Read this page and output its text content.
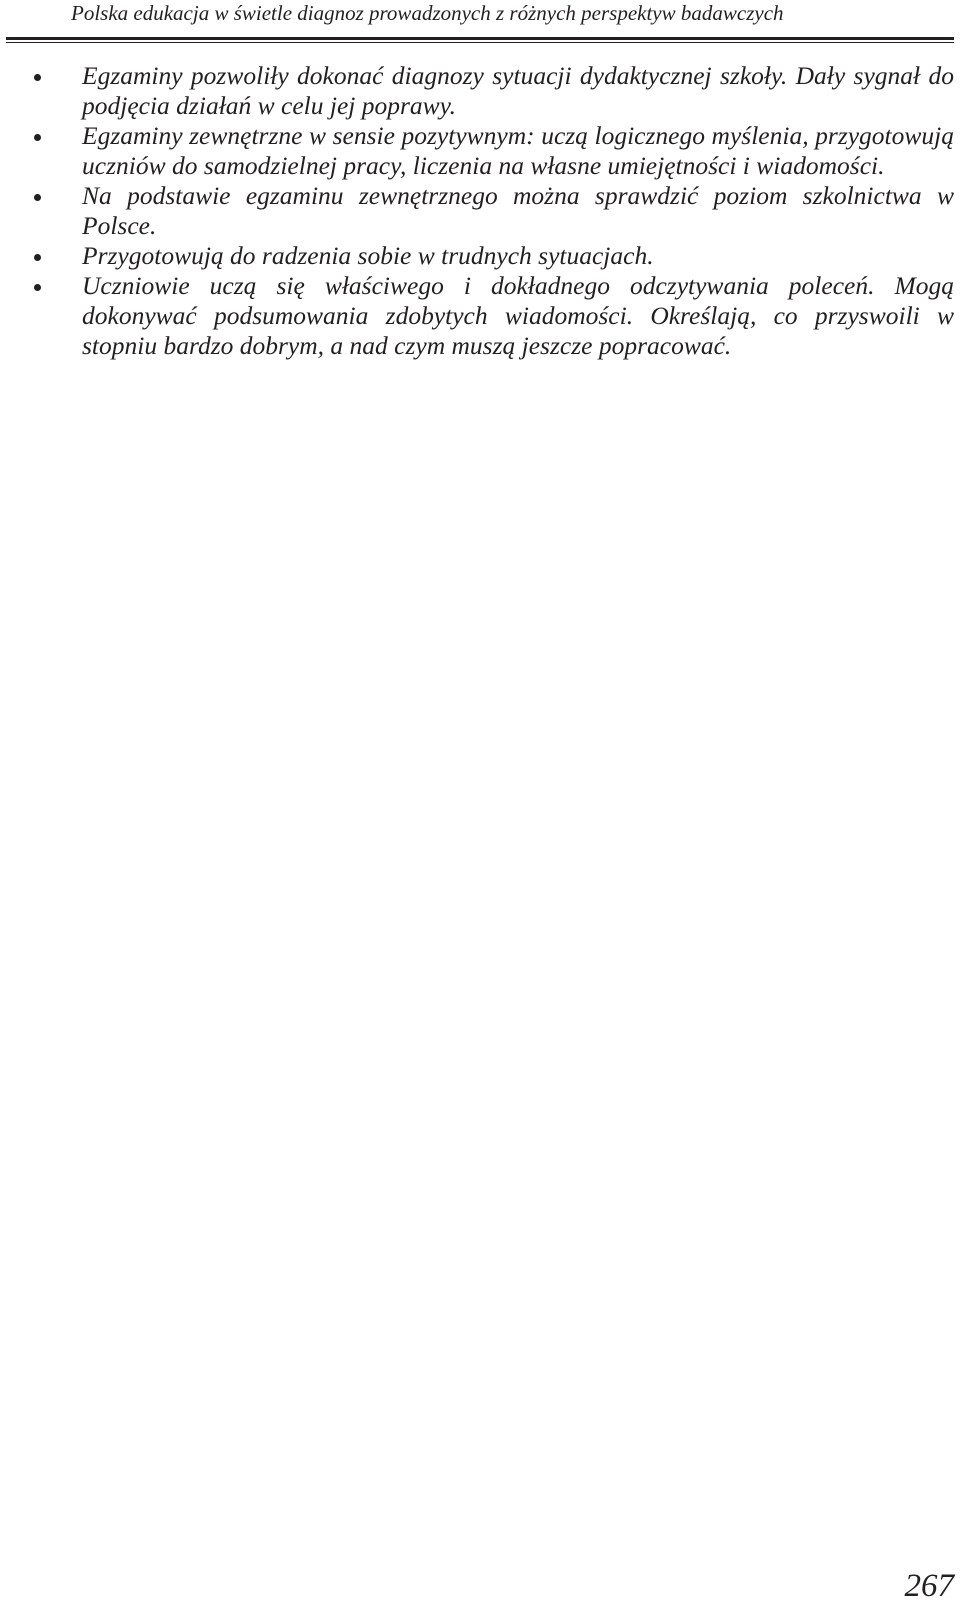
Polska edukacja w świetle diagnoz prowadzonych z różnych perspektyw badawczych
Egzaminy pozwoliły dokonać diagnozy sytuacji dydaktycznej szkoły. Dały sygnał do podjęcia działań w celu jej poprawy.
Egzaminy zewnętrzne w sensie pozytywnym: uczą logicznego myślenia, przygotowują uczniów do samodzielnej pracy, liczenia na własne umiejętności i wiadomości.
Na podstawie egzaminu zewnętrznego można sprawdzić poziom szkolnictwa w Polsce.
Przygotowują do radzenia sobie w trudnych sytuacjach.
Uczniowie uczą się właściwego i dokładnego odczytywania poleceń. Mogą dokonywać podsumowania zdobytych wiadomości. Określają, co przyswoili w stopniu bardzo dobrym, a nad czym muszą jeszcze popracować.
267
